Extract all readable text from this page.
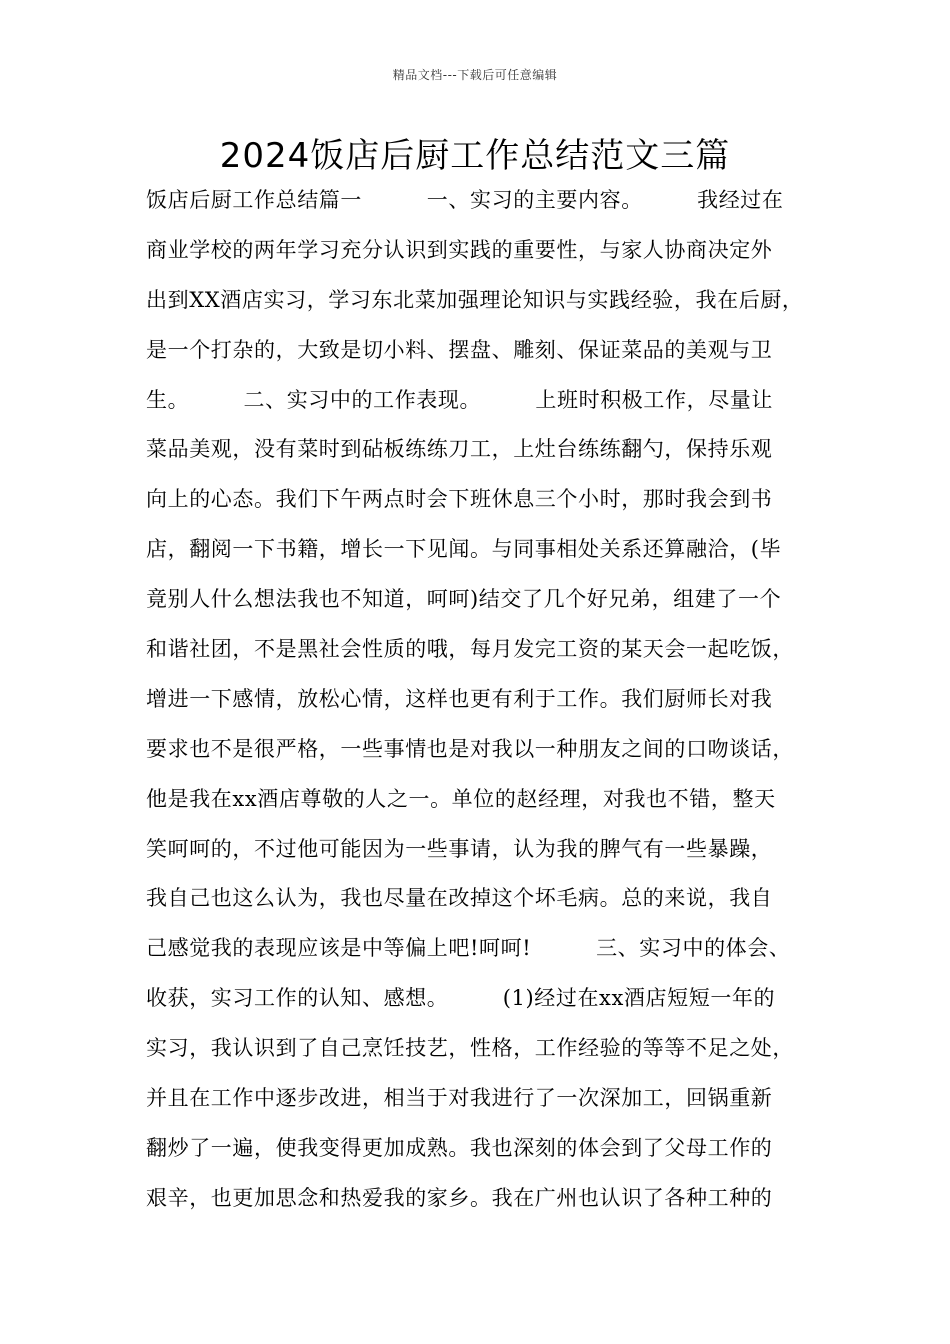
精品文档---下载后可任意编辑
2024饭店后厨工作总结范文三篇
饭店后厨工作总结篇一　　　一、实习的主要内容。　　　我经过在
商业学校的两年学习充分认识到实践的重要性，与家人协商决定外
出到XX酒店实习，学习东北菜加强理论知识与实践经验，我在后厨，
是一个打杂的，大致是切小料、摆盘、雕刻、保证菜品的美观与卫
生。　　　二、实习中的工作表现。　　　上班时积极工作，尽量让
菜品美观，没有菜时到砧板练练刀工，上灶台练练翻勺，保持乐观
向上的心态。我们下午两点时会下班休息三个小时，那时我会到书
店，翻阅一下书籍，增长一下见闻。与同事相处关系还算融洽，(毕
竟别人什么想法我也不知道，呵呵)结交了几个好兄弟，组建了一个
和谐社团，不是黑社会性质的哦，每月发完工资的某天会一起吃饭，
增进一下感情，放松心情，这样也更有利于工作。我们厨师长对我
要求也不是很严格，一些事情也是对我以一种朋友之间的口吻谈话，
他是我在xx酒店尊敬的人之一。单位的赵经理，对我也不错，整天
笑呵呵的，不过他可能因为一些事请，认为我的脾气有一些暴躁，
我自己也这么认为，我也尽量在改掉这个坏毛病。总的来说，我自
己感觉我的表现应该是中等偏上吧!呵呵!　　　三、实习中的体会、
收获，实习工作的认知、感想。　　　(1)经过在xx酒店短短一年的
实习，我认识到了自己烹饪技艺，性格，工作经验的等等不足之处，
并且在工作中逐步改进，相当于对我进行了一次深加工，回锅重新
翻炒了一遍，使我变得更加成熟。我也深刻的体会到了父母工作的
艰辛，也更加思念和热爱我的家乡。我在广州也认识了各种工种的
